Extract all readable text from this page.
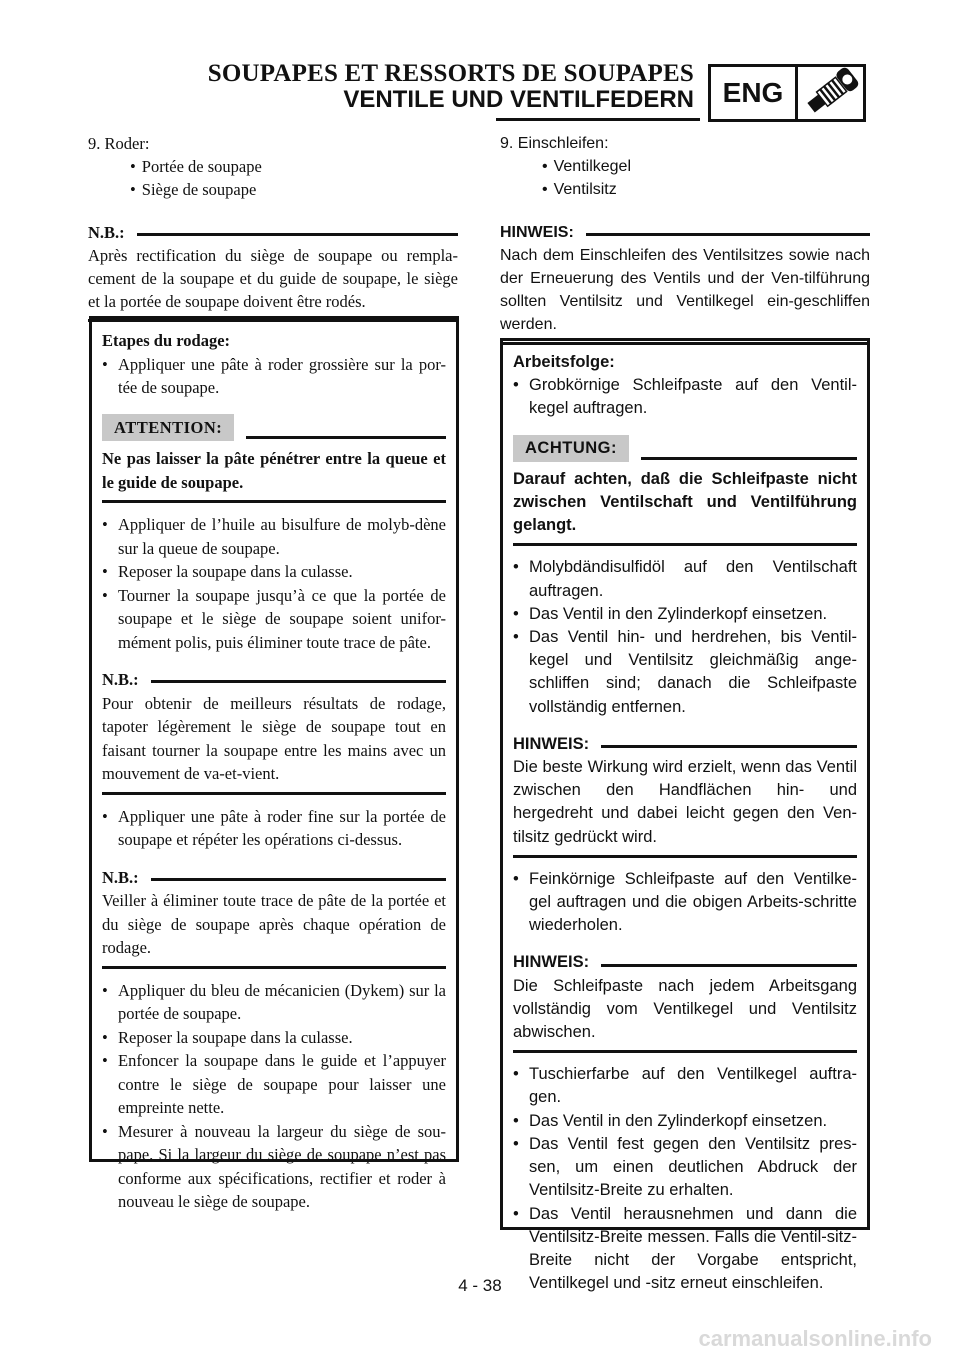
SOUPAPES ET RESSORTS DE SOUPAPES
VENTILE UND VENTILFEDERN	ENG

9. Roder:

• Portée de soupape
• Siège de soupape
N.B.:

Après rectification du siège de soupape ou rempla-cement de la soupape et du guide de soupape, le siège et la portée de soupape doivent être rodés.

Etapes du rodage:

• Appliquer une pâte à roder grossière sur la por-tée de soupape.
ATTENTION:

Ne pas laisser la pâte pénétrer entre la queue et le guide de soupape.

• Appliquer de l’huile au bisulfure de molyb-dène sur la queue de soupape.
• Reposer la soupape dans la culasse.
• Tourner la soupape jusqu’à ce que la portée de soupape et le siège de soupape soient unifor-mément polis, puis éliminer toute trace de pâte.
N.B.:

Pour obtenir de meilleurs résultats de rodage, tapoter légèrement le siège de soupape tout en faisant tourner la soupape entre les mains avec un mouvement de va-et-vient.

• Appliquer une pâte à roder fine sur la portée de soupape et répéter les opérations ci-dessus.
N.B.:

Veiller à éliminer toute trace de pâte de la portée et du siège de soupape après chaque opération de rodage.

• Appliquer du bleu de mécanicien (Dykem) sur la portée de soupape.
• Reposer la soupape dans la culasse.
• Enfoncer la soupape dans le guide et l’appuyer contre le siège de soupape pour laisser une empreinte nette.
• Mesurer à nouveau la largeur du siège de sou-pape. Si la largeur du siège de soupape n’est pas conforme aux spécifications, rectifier et roder à nouveau le siège de soupape.

9. Einschleifen:

• Ventilkegel
• Ventilsitz
HINWEIS:

Nach dem Einschleifen des Ventilsitzes sowie nach der Erneuerung des Ventils und der Ven-tilführung sollten Ventilsitz und Ventilkegel ein-geschliffen werden.

Arbeitsfolge:

• Grobkörnige Schleifpaste auf den Ventil-kegel auftragen.
ACHTUNG:

Darauf achten, daß die Schleifpaste nicht zwischen Ventilschaft und Ventilführung gelangt.

• Molybdändisulfidöl auf den Ventilschaft auftragen.
• Das Ventil in den Zylinderkopf einsetzen.
• Das Ventil hin- und herdrehen, bis Ventil-kegel und Ventilsitz gleichmäßig ange-schliffen sind; danach die Schleifpaste vollständig entfernen.
HINWEIS:

Die beste Wirkung wird erzielt, wenn das Ventil zwischen den Handflächen hin- und hergedreht und dabei leicht gegen den Ven-tilsitz gedrückt wird.

• Feinkörnige Schleifpaste auf den Ventilke-gel auftragen und die obigen Arbeits-schritte wiederholen.
HINWEIS:

Die Schleifpaste nach jedem Arbeitsgang vollständig vom Ventilkegel und Ventilsitz abwischen.

• Tuschierfarbe auf den Ventilkegel auftra-gen.
• Das Ventil in den Zylinderkopf einsetzen.
• Das Ventil fest gegen den Ventilsitz pres-sen, um einen deutlichen Abdruck der Ventilsitz-Breite zu erhalten.
• Das Ventil herausnehmen und dann die Ventilsitz-Breite messen. Falls die Ventil-sitz-Breite nicht der Vorgabe entspricht, Ventilkegel und -sitz erneut einschleifen.
4 - 38
carmanualsonline.info
